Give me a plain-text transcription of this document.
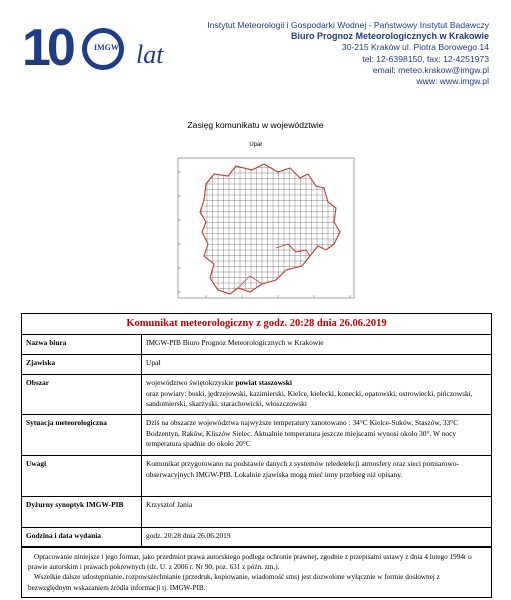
10	IMGW lat
Instytut Meteorologii i Gospodarki Wodnej - Państwowy Instytut Badawczy
Biuro Prognoz Meteorologicznych w Krakowie
30-215 Kraków ul. Piotra Borowego 14
tel: 12-6398150, fax: 12-4251973
email: meteo.krakow@imgw.pl
www: www.imgw.pl
Zasięg komunikatu w województwie
Upał
Komunikat meteorologiczny z godz. 20:28 dnia 26.06.2019
Nazwa biura	IMGW-PIB Biuro Prognoz Meteorologicznych w Krakowie
Zjawiska	Upał
Obszar	województwo świętokrzyskie powiat staszowski
oraz powiaty: buski, jędrzejowski, kazimierski, Kielce, kielecki, konecki, opatowski, ostrowiecki, pińczowski, sandomierski, skarżyski, starachowicki, włoszczowski
Sytuacja meteorologiczna	Dziś na obszarze województwa najwyższe temperatury zanotowano : 34°C Kielce-Suków, Staszów, 33°C Bodzentyn, Raków, Kliszów Sielec. Aktualnie temperatura jeszcze miejscami wynosi około 30°. W nocy temperatura spadnie do około 20°C
Uwagi	Komunikat przygotowano na podstawie danych z systemów teledetekcji atmosfery oraz sieci pomiarowo-obserwacyjnych IMGW-PIB. Lokalnie zjawiska mogą mieć inny przebieg niż opisany.
Dyżurny synoptyk IMGW-PIB	Krzysztof Jania
Godzina i data wydania	godz. 20:28 dnia 26.06.2019

Opracowanie niniejsze i jego format, jako przedmiot prawa autorskiego podlega ochronie prawnej, zgodnie z przepisami ustawy z dnia 4 lutego 1994r o prawie autorskim i prawach pokrewnych (dz. U. z 2006 r. Nr 90, poz. 631 z późn. zm.).

Wszelkie dalsze udostępnianie, rozpowszechnianie (przedruk, kopiowanie, wiadomość sms) jest dozwolone wyłącznie w formie dosłownej z bezwzględnym wskazaniem źródła informacji tj. IMGW-PIB.
